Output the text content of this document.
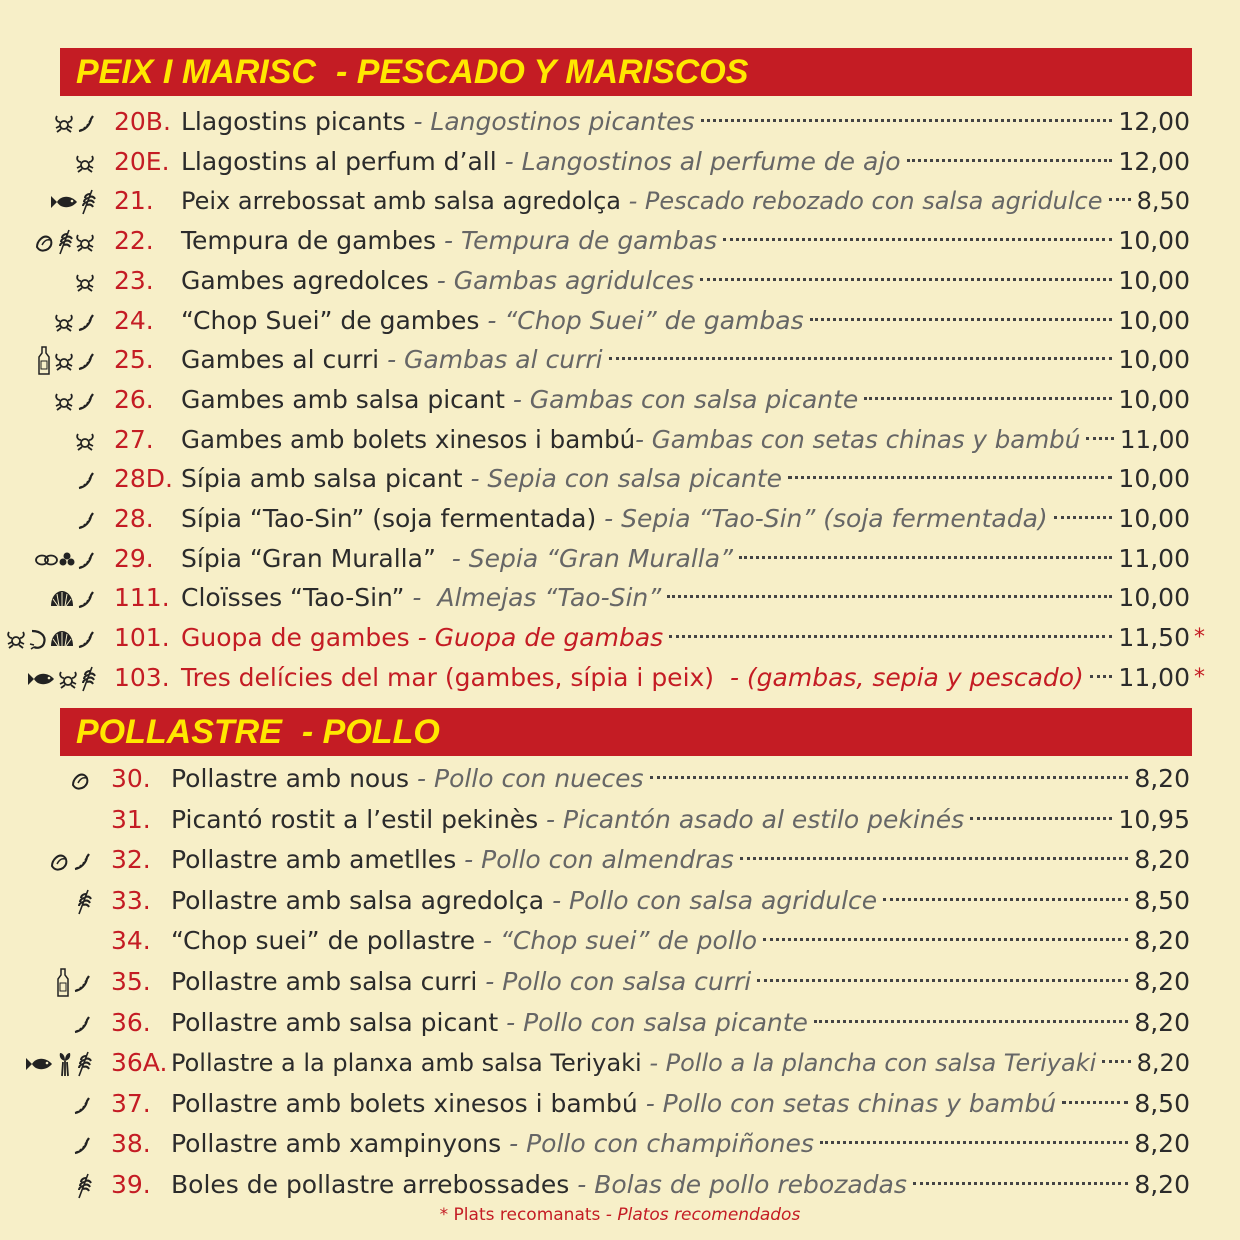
PEIX I MARISC - PESCADO Y MARISCOS
20B. Llagostins picants - Langostinos picantes	12,00
20E. Llagostins al perfum d’all - Langostinos al perfume de ajo	12,00
21. Peix arrebossat amb salsa agredolça - Pescado rebozado con salsa agridulce 8,50
22. Tempura de gambes - Tempura de gambas	10,00
23. Gambes agredolces - Gambas agridulces	10,00
24. “Chop Suei” de gambes - “Chop Suei” de gambas	10,00
25. Gambes al curri - Gambas al curri	10,00
26. Gambes amb salsa picant - Gambas con salsa picante	10,00
27. Gambes amb bolets xinesos i bambú - Gambas con setas chinas y bambú 11,00
28D. Sípia amb salsa picant - Sepia con salsa picante	10,00
28. Sípia “Tao-Sin” (soja fermentada) - Sepia “Tao-Sin” (soja fermentada)	10,00
29. Sípia “Gran Muralla” - Sepia “Gran Muralla”	11,00
111. Cloïsses “Tao-Sin” -  Almejas “Tao-Sin”	10,00
101. Guopa de gambes - Guopa de gambas	11,50 *
103. Tres delícies del mar (gambes, sípia i peix) - (gambas, sepia y pescado) 11,00 *
POLLASTRE - POLLO
30. Pollastre amb nous - Pollo con nueces	8,20
31. Picantó rostit a l’estil pekinès - Picantón asado al estilo pekinés	10,95
32. Pollastre amb ametlles - Pollo con almendras	8,20
33. Pollastre amb salsa agredolça - Pollo con salsa agridulce	8,50
34. “Chop suei” de pollastre - “Chop suei” de pollo	8,20
35. Pollastre amb salsa curri - Pollo con salsa curri	8,20
36. Pollastre amb salsa picant - Pollo con salsa picante	8,20
36A. Pollastre a la planxa amb salsa Teriyaki - Pollo a la plancha con salsa Teriyaki 8,20
37. Pollastre amb bolets xinesos i bambú - Pollo con setas chinas y bambú	8,50
38. Pollastre amb xampinyons - Pollo con champiñones	8,20
39. Boles de pollastre arrebossades - Bolas de pollo rebozadas	8,20
* Plats recomanats - Platos recomendados
